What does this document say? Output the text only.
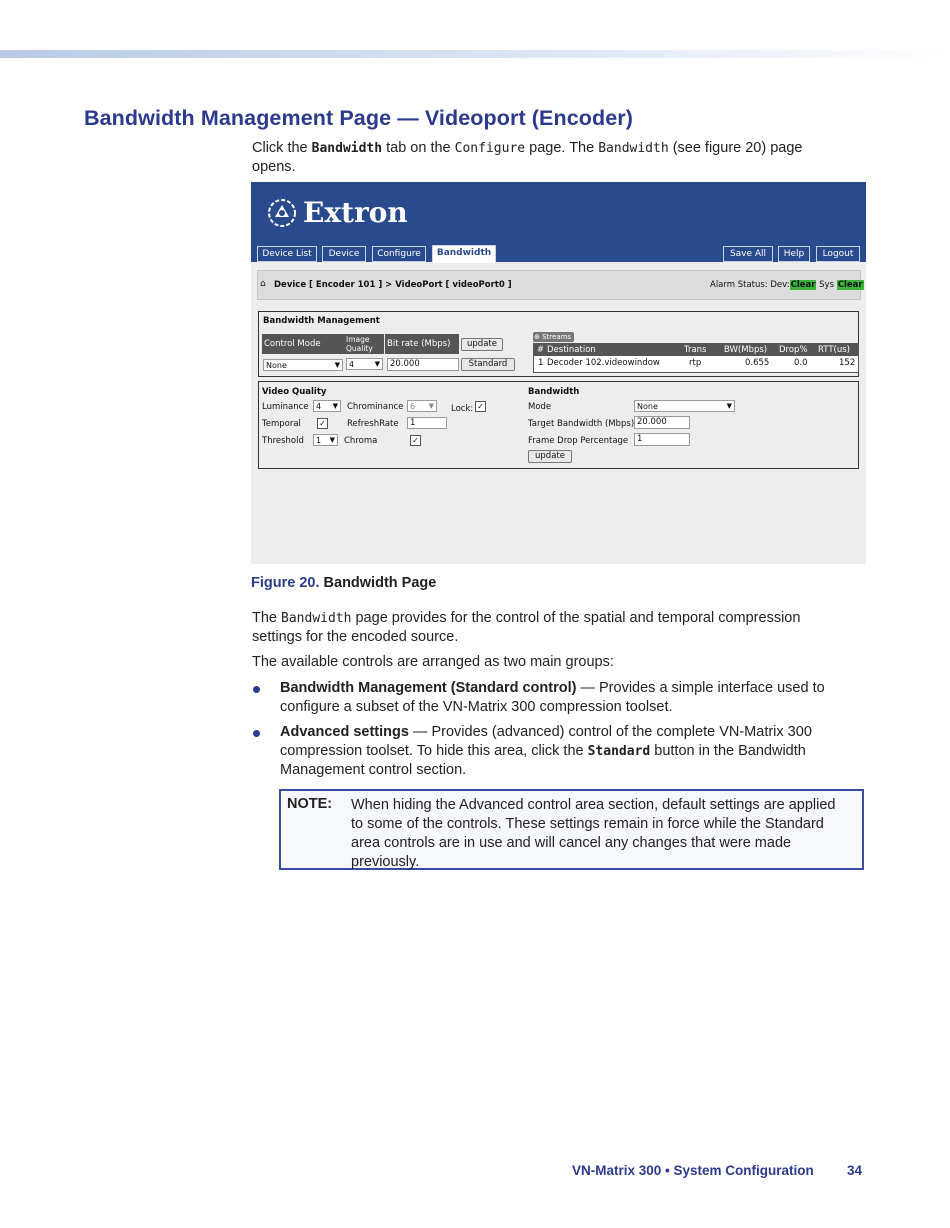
Bandwidth Management Page — Videoport (Encoder)
Click the Bandwidth tab on the Configure page. The Bandwidth (see figure 20) page
opens.
Extron
Device List	Device	Configure	Bandwidth	Save All	Help	Logout
⌂ Device [ Encoder 101 ] > VideoPort [ videoPort0 ]	Alarm Status: Dev:Clear Sys Clear
Bandwidth Management
Control Mode	Image Quality	Bit rate (Mbps)	update
None	▼	4	▼	20.000	Standard
⊕ Streams
# Destination	Trans BW(Mbps) Drop% RTT(us)
1 Decoder 102.videowindow	rtp	0.655	0.0	152
Video Quality
Luminance 4 ▼ Chrominance 6 ▼ Lock: ✓
Temporal ✓ RefreshRate	1
Threshold	1 ▼ Chroma	✓
Bandwidth
Mode	None	▼
Target Bandwidth (Mbps) 20.000
Frame Drop Percentage	1
update
Figure 20. Bandwidth Page
The Bandwidth page provides for the control of the spatial and temporal compression
settings for the encoded source.
The available controls are arranged as two main groups:
Bandwidth Management (Standard control) — Provides a simple interface used to
configure a subset of the VN-Matrix 300 compression toolset.
Advanced settings — Provides (advanced) control of the complete VN-Matrix 300
compression toolset. To hide this area, click the Standard button in the Bandwidth
Management control section.
NOTE: When hiding the Advanced control area section, default settings are applied
to some of the controls. These settings remain in force while the Standard
area controls are in use and will cancel any changes that were made
previously.
VN-Matrix 300 • System Configuration 34
